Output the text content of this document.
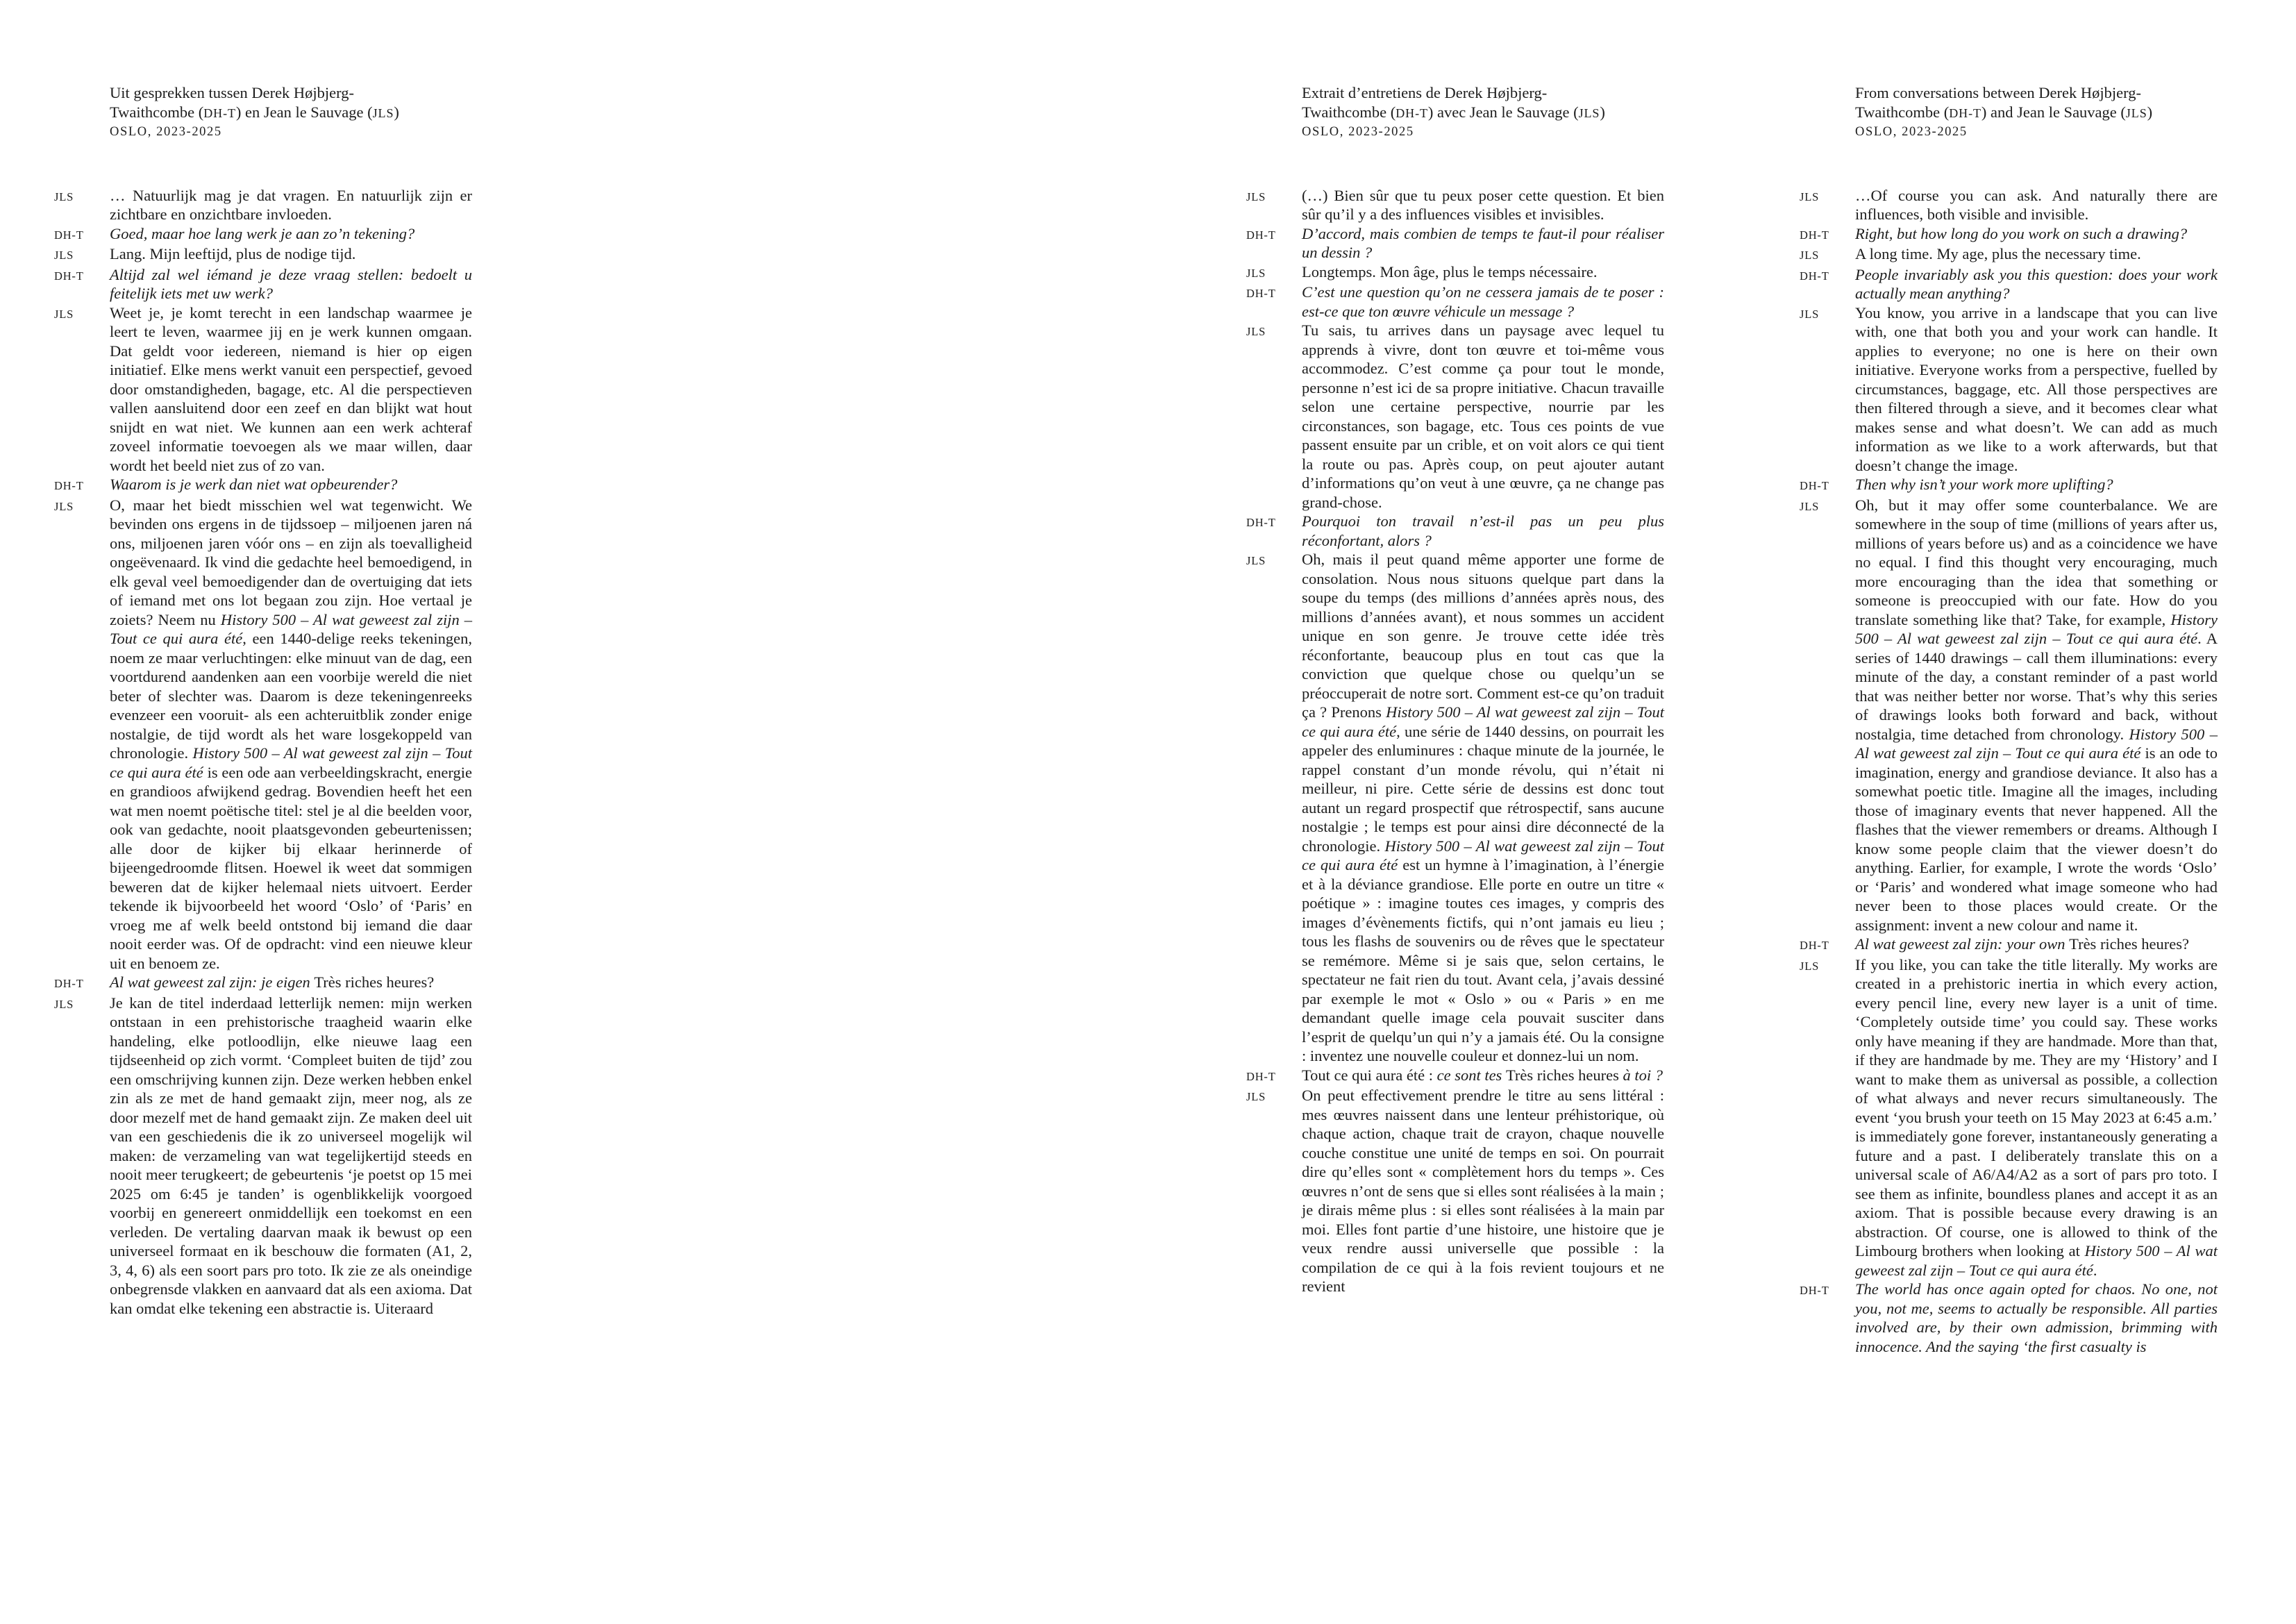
Uit gesprekken tussen Derek Højbjerg-
Twaithcombe (DH-T) en Jean le Sauvage (JLS)
OSLO, 2023-2025
JLS	… Natuurlijk mag je dat vragen. En natuurlijk zijn er zichtbare en onzichtbare invloeden.

DH-T	Goed, maar hoe lang werk je aan zo’n tekening?

JLS	Lang. Mijn leeftijd, plus de nodige tijd.

DH-T	Altijd zal wel iémand je deze vraag stellen: bedoelt u feitelijk iets met uw werk?

JLS	Weet je, je komt terecht in een landschap waarmee je leert te leven, waarmee jij en je werk kunnen omgaan. Dat geldt voor iedereen, niemand is hier op eigen initiatief. Elke mens werkt vanuit een perspectief, gevoed door omstandigheden, bagage, etc. Al die perspectieven vallen aansluitend door een zeef en dan blijkt wat hout snijdt en wat niet. We kunnen aan een werk achteraf zoveel informatie toevoegen als we maar willen, daar wordt het beeld niet zus of zo van.

DH-T	Waarom is je werk dan niet wat opbeurender?

JLS	O, maar het biedt misschien wel wat tegenwicht. We bevinden ons ergens in de tijdssoep – miljoenen jaren ná ons, miljoenen jaren vóór ons – en zijn als toevalligheid ongeëvenaard. Ik vind die gedachte heel bemoedigend, in elk geval veel bemoedigender dan de overtuiging dat iets of iemand met ons lot begaan zou zijn. Hoe vertaal je zoiets? Neem nu History 500 – Al wat geweest zal zijn – Tout ce qui aura été, een 1440-delige reeks tekeningen, noem ze maar verluchtingen: elke minuut van de dag, een voortdurend aandenken aan een voorbije wereld die niet beter of slechter was. Daarom is deze tekeningenreeks evenzeer een vooruit- als een achteruitblik zonder enige nostalgie, de tijd wordt als het ware losgekoppeld van chronologie. History 500 – Al wat geweest zal zijn – Tout ce qui aura été is een ode aan verbeeldingskracht, energie en grandioos afwijkend gedrag. Bovendien heeft het een wat men noemt poëtische titel: stel je al die beelden voor, ook van gedachte, nooit plaatsgevonden gebeurtenissen; alle door de kijker bij elkaar herinnerde of bijeengedroomde flitsen. Hoewel ik weet dat sommigen beweren dat de kijker helemaal niets uitvoert. Eerder tekende ik bijvoorbeeld het woord ‘Oslo’ of ‘Paris’ en vroeg me af welk beeld ontstond bij iemand die daar nooit eerder was. Of de opdracht: vind een nieuwe kleur uit en benoem ze.

DH-T	Al wat geweest zal zijn: je eigen Très riches heures?

JLS	Je kan de titel inderdaad letterlijk nemen: mijn werken ontstaan in een prehistorische traagheid waarin elke handeling, elke potloodlijn, elke nieuwe laag een tijdseenheid op zich vormt. ‘Compleet buiten de tijd’ zou een omschrijving kunnen zijn. Deze werken hebben enkel zin als ze met de hand gemaakt zijn, meer nog, als ze door mezelf met de hand gemaakt zijn. Ze maken deel uit van een geschiedenis die ik zo universeel mogelijk wil maken: de verzameling van wat tegelijkertijd steeds en nooit meer terugkeert; de gebeurtenis ‘je poetst op 15 mei 2025 om 6:45 je tanden’ is ogenblikkelijk voorgoed voorbij en genereert onmiddellijk een toekomst en een verleden. De vertaling daarvan maak ik bewust op een universeel formaat en ik beschouw die formaten (A1, 2, 3, 4, 6) als een soort pars pro toto. Ik zie ze als oneindige onbegrensde vlakken en aanvaard dat als een axioma. Dat kan omdat elke tekening een abstractie is. Uiteraard

Extrait d’entretiens de Derek Højbjerg-
Twaithcombe (DH-T) avec Jean le Sauvage (JLS)
OSLO, 2023-2025
JLS	(…) Bien sûr que tu peux poser cette question. Et bien sûr qu’il y a des influences visibles et invisibles.

DH-T	D’accord, mais combien de temps te faut-il pour réaliser un dessin ?

JLS	Longtemps. Mon âge, plus le temps nécessaire.

DH-T	C’est une question qu’on ne cessera jamais de te poser : est-ce que ton œuvre véhicule un message ?

JLS	Tu sais, tu arrives dans un paysage avec lequel tu apprends à vivre, dont ton œuvre et toi-même vous accommodez. C’est comme ça pour tout le monde, personne n’est ici de sa propre initiative. Chacun travaille selon une certaine perspective, nourrie par les circonstances, son bagage, etc. Tous ces points de vue passent ensuite par un crible, et on voit alors ce qui tient la route ou pas. Après coup, on peut ajouter autant d’informations qu’on veut à une œuvre, ça ne change pas grand-chose.

DH-T	Pourquoi ton travail n’est-il pas un peu plus réconfortant, alors ?

JLS	Oh, mais il peut quand même apporter une forme de consolation. Nous nous situons quelque part dans la soupe du temps (des millions d’années après nous, des millions d’années avant), et nous sommes un accident unique en son genre. Je trouve cette idée très réconfortante, beaucoup plus en tout cas que la conviction que quelque chose ou quelqu’un se préoccuperait de notre sort. Comment est-ce qu’on traduit ça ? Prenons History 500 – Al wat geweest zal zijn – Tout ce qui aura été, une série de 1440 dessins, on pourrait les appeler des enluminures : chaque minute de la journée, le rappel constant d’un monde révolu, qui n’était ni meilleur, ni pire. Cette série de dessins est donc tout autant un regard prospectif que rétrospectif, sans aucune nostalgie ; le temps est pour ainsi dire déconnecté de la chronologie. History 500 – Al wat geweest zal zijn – Tout ce qui aura été est un hymne à l’imagination, à l’énergie et à la déviance grandiose. Elle porte en outre un titre « poétique » : imagine toutes ces images, y compris des images d’évènements fictifs, qui n’ont jamais eu lieu ; tous les flashs de souvenirs ou de rêves que le spectateur se remémore. Même si je sais que, selon certains, le spectateur ne fait rien du tout. Avant cela, j’avais dessiné par exemple le mot « Oslo » ou « Paris » en me demandant quelle image cela pouvait susciter dans l’esprit de quelqu’un qui n’y a jamais été. Ou la consigne : inventez une nouvelle couleur et donnez-lui un nom.

DH-T	Tout ce qui aura été : ce sont tes Très riches heures à toi ?

JLS	On peut effectivement prendre le titre au sens littéral : mes œuvres naissent dans une lenteur préhistorique, où chaque action, chaque trait de crayon, chaque nouvelle couche constitue une unité de temps en soi. On pourrait dire qu’elles sont « complètement hors du temps ». Ces œuvres n’ont de sens que si elles sont réalisées à la main ; je dirais même plus : si elles sont réalisées à la main par moi. Elles font partie d’une histoire, une histoire que je veux rendre aussi universelle que possible : la compilation de ce qui à la fois revient toujours et ne revient

From conversations between Derek Højbjerg-
Twaithcombe (DH-T) and Jean le Sauvage (JLS)
OSLO, 2023-2025
JLS	…Of course you can ask. And naturally there are influences, both visible and invisible.

DH-T	Right, but how long do you work on such a drawing?

JLS	A long time. My age, plus the necessary time.

DH-T	People invariably ask you this question: does your work actually mean anything?

JLS	You know, you arrive in a landscape that you can live with, one that both you and your work can handle. It applies to everyone; no one is here on their own initiative. Everyone works from a perspective, fuelled by circumstances, baggage, etc. All those perspectives are then filtered through a sieve, and it becomes clear what makes sense and what doesn’t. We can add as much information as we like to a work afterwards, but that doesn’t change the image.

DH-T	Then why isn’t your work more uplifting?

JLS	Oh, but it may offer some counterbalance. We are somewhere in the soup of time (millions of years after us, millions of years before us) and as a coincidence we have no equal. I find this thought very encouraging, much more encouraging than the idea that something or someone is preoccupied with our fate. How do you translate something like that? Take, for example, History 500 – Al wat geweest zal zijn – Tout ce qui aura été. A series of 1440 drawings – call them illuminations: every minute of the day, a constant reminder of a past world that was neither better nor worse. That’s why this series of drawings looks both forward and back, without nostalgia, time detached from chronology. History 500 – Al wat geweest zal zijn – Tout ce qui aura été is an ode to imagination, energy and grandiose deviance. It also has a somewhat poetic title. Imagine all the images, including those of imaginary events that never happened. All the flashes that the viewer remembers or dreams. Although I know some people claim that the viewer doesn’t do anything. Earlier, for example, I wrote the words ‘Oslo’ or ‘Paris’ and wondered what image someone who had never been to those places would create. Or the assignment: invent a new colour and name it.

DH-T	Al wat geweest zal zijn: your own Très riches heures?

JLS	If you like, you can take the title literally. My works are created in a prehistoric inertia in which every action, every pencil line, every new layer is a unit of time. ‘Completely outside time’ you could say. These works only have meaning if they are handmade. More than that, if they are handmade by me. They are my ‘History’ and I want to make them as universal as possible, a collection of what always and never recurs simultaneously. The event ‘you brush your teeth on 15 May 2023 at 6:45 a.m.’ is immediately gone forever, instantaneously generating a future and a past. I deliberately translate this on a universal scale of A6/A4/A2 as a sort of pars pro toto. I see them as infinite, boundless planes and accept it as an axiom. That is possible because every drawing is an abstraction. Of course, one is allowed to think of the Limbourg brothers when looking at History 500 – Al wat geweest zal zijn – Tout ce qui aura été.

DH-T	The world has once again opted for chaos. No one, not you, not me, seems to actually be responsible. All parties involved are, by their own admission, brimming with innocence. And the saying ‘the first casualty is
